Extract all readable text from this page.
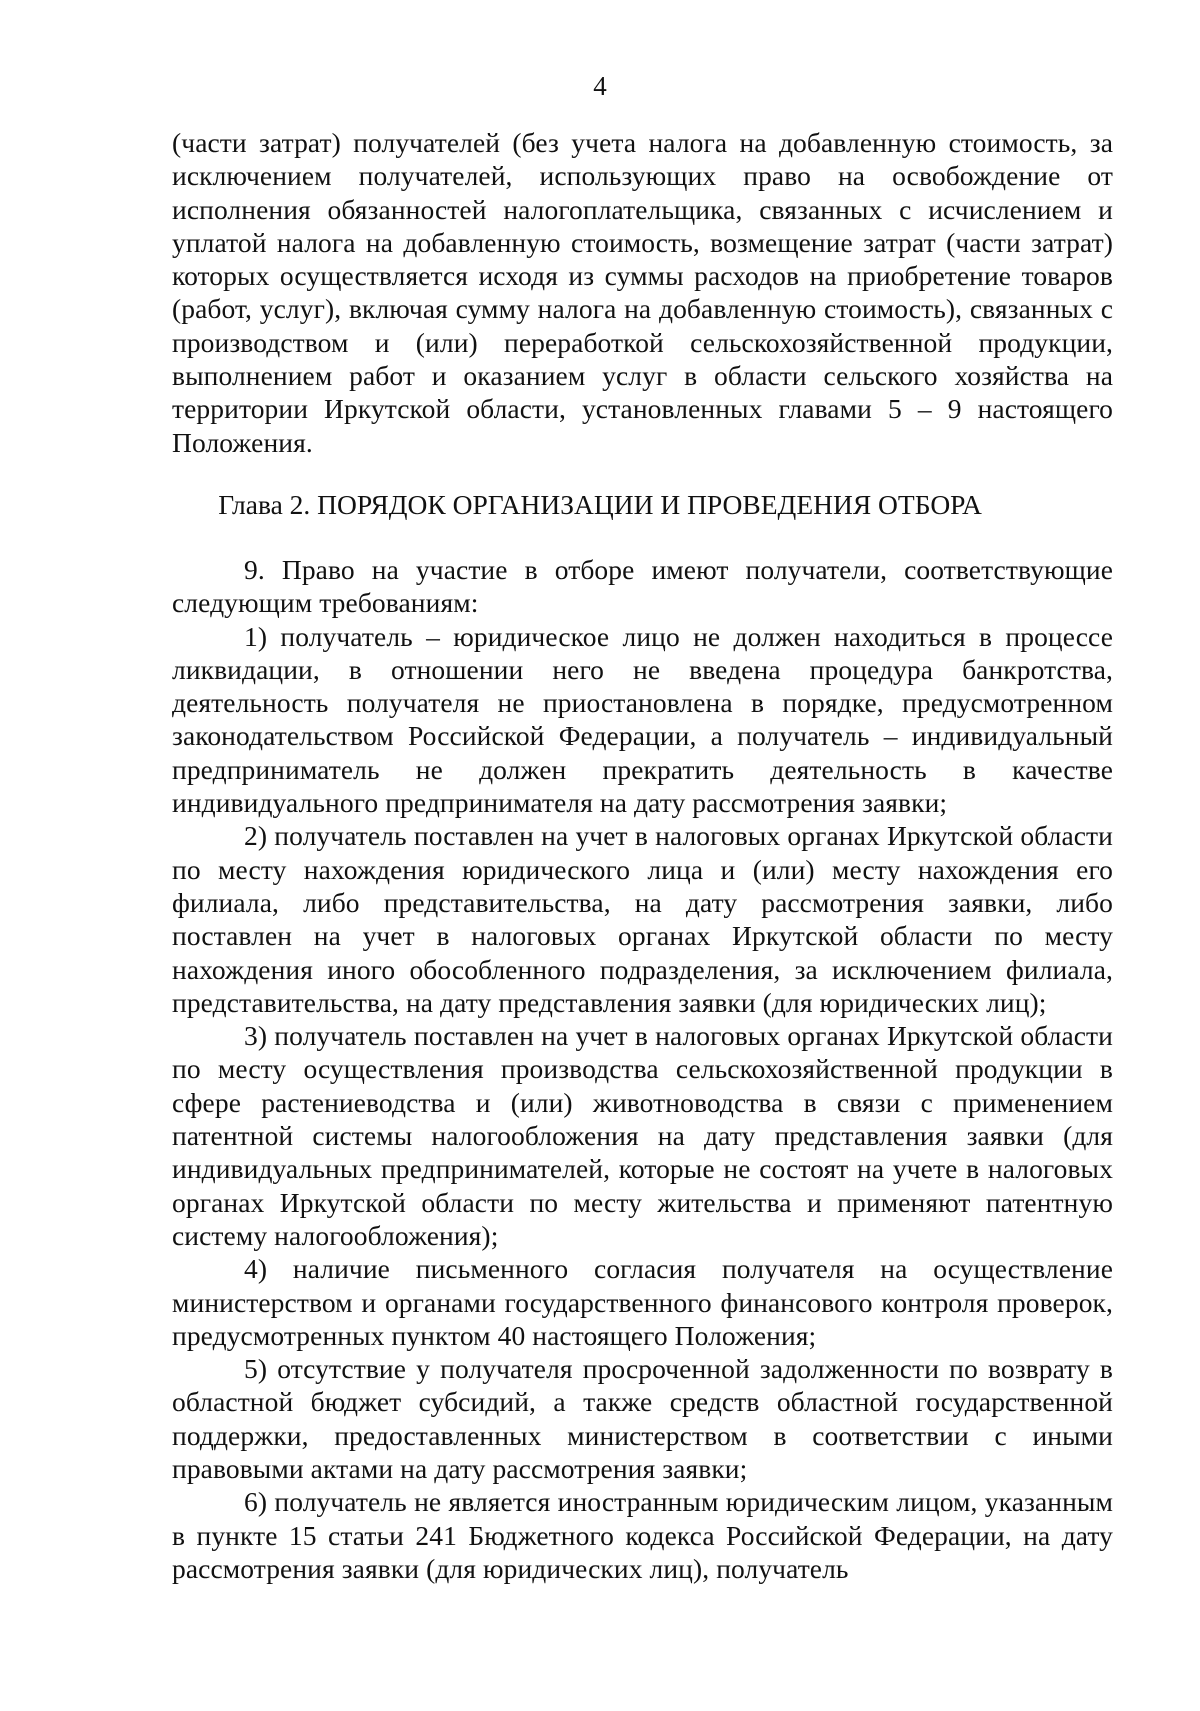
4

(части затрат) получателей (без учета налога на добавленную стоимость, за исключением получателей, использующих право на освобождение от исполнения обязанностей налогоплательщика, связанных с исчислением и уплатой налога на добавленную стоимость, возмещение затрат (части затрат) которых осуществляется исходя из суммы расходов на приобретение товаров (работ, услуг), включая сумму налога на добавленную стоимость), связанных с производством и (или) переработкой сельскохозяйственной продукции, выполнением работ и оказанием услуг в области сельского хозяйства на территории Иркутской области, установленных главами 5 – 9 настоящего Положения.

Глава 2. ПОРЯДОК ОРГАНИЗАЦИИ И ПРОВЕДЕНИЯ ОТБОРА

9. Право на участие в отборе имеют получатели, соответствующие следующим требованиям:

1) получатель – юридическое лицо не должен находиться в процессе ликвидации, в отношении него не введена процедура банкротства, деятельность получателя не приостановлена в порядке, предусмотренном законодательством Российской Федерации, а получатель – индивидуальный предприниматель не должен прекратить деятельность в качестве индивидуального предпринимателя на дату рассмотрения заявки;

2) получатель поставлен на учет в налоговых органах Иркутской области по месту нахождения юридического лица и (или) месту нахождения его филиала, либо представительства, на дату рассмотрения заявки, либо поставлен на учет в налоговых органах Иркутской области по месту нахождения иного обособленного подразделения, за исключением филиала, представительства, на дату представления заявки (для юридических лиц);

3) получатель поставлен на учет в налоговых органах Иркутской области по месту осуществления производства сельскохозяйственной продукции в сфере растениеводства и (или) животноводства в связи с применением патентной системы налогообложения на дату представления заявки (для индивидуальных предпринимателей, которые не состоят на учете в налоговых органах Иркутской области по месту жительства и применяют патентную систему налогообложения);

4) наличие письменного согласия получателя на осуществление министерством и органами государственного финансового контроля проверок, предусмотренных пунктом 40 настоящего Положения;

5) отсутствие у получателя просроченной задолженности по возврату в областной бюджет субсидий, а также средств областной государственной поддержки, предоставленных министерством в соответствии с иными правовыми актами на дату рассмотрения заявки;

6) получатель не является иностранным юридическим лицом, указанным в пункте 15 статьи 241 Бюджетного кодекса Российской Федерации, на дату рассмотрения заявки (для юридических лиц), получатель
